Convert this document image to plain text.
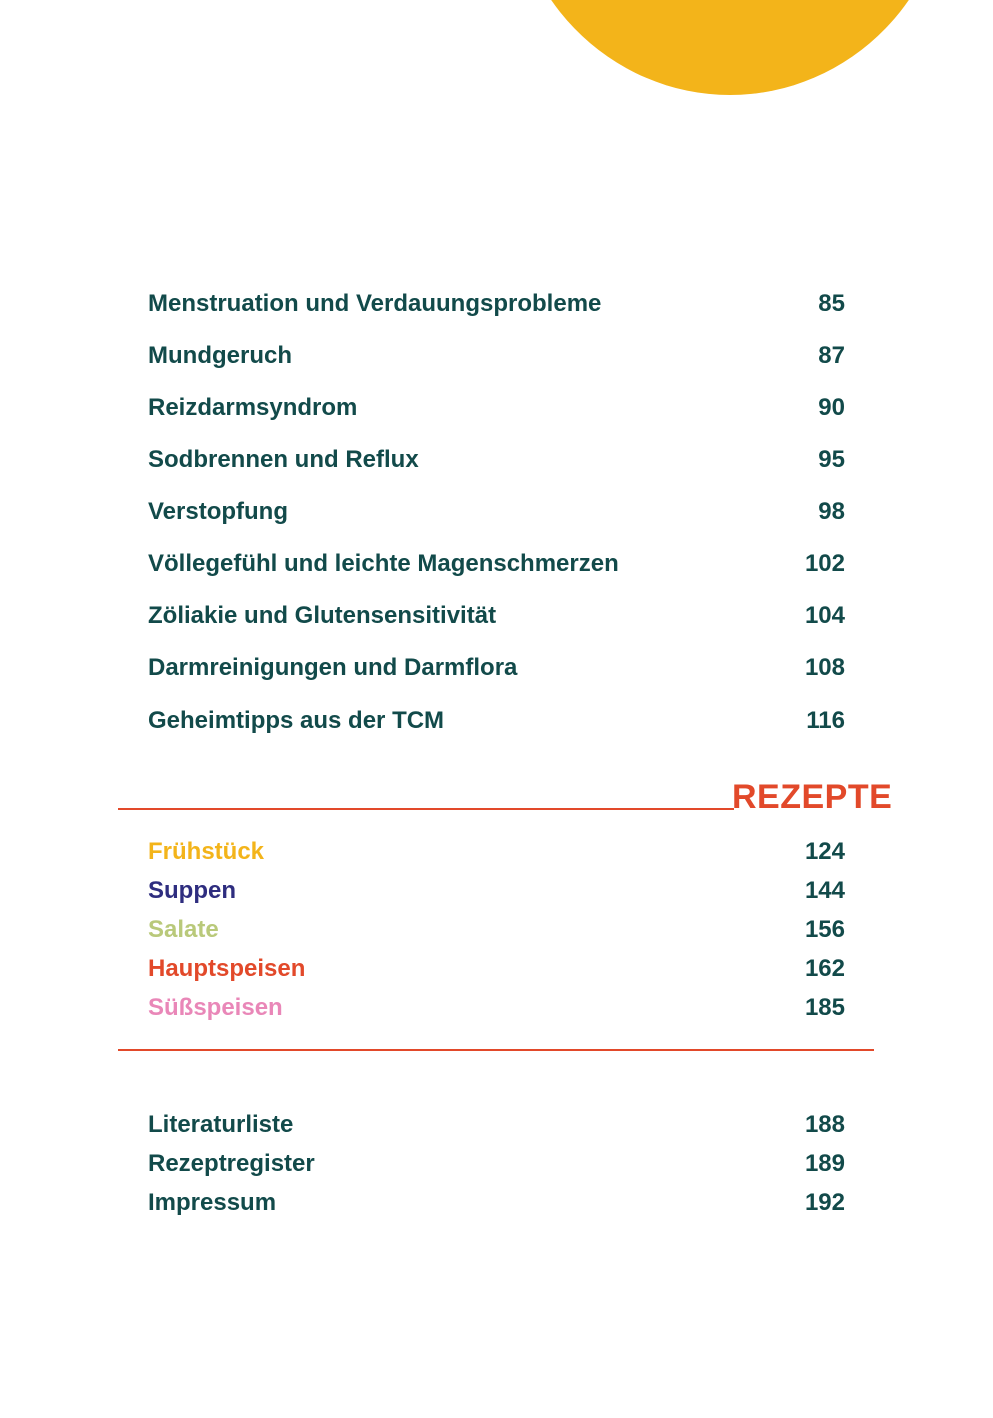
Menstruation und Verdauungsprobleme	85
Mundgeruch	87
Reizdarmsyndrom	90
Sodbrennen und Reflux	95
Verstopfung	98
Völlegefühl und leichte Magenschmerzen	102
Zöliakie und Glutensensitivität	104
Darmreinigungen und Darmflora	108
Geheimtipps aus der TCM	116
REZEPTE
Frühstück	124
Suppen	144
Salate	156
Hauptspeisen	162
Süßspeisen	185
Literaturliste	188
Rezeptregister	189
Impressum	192
